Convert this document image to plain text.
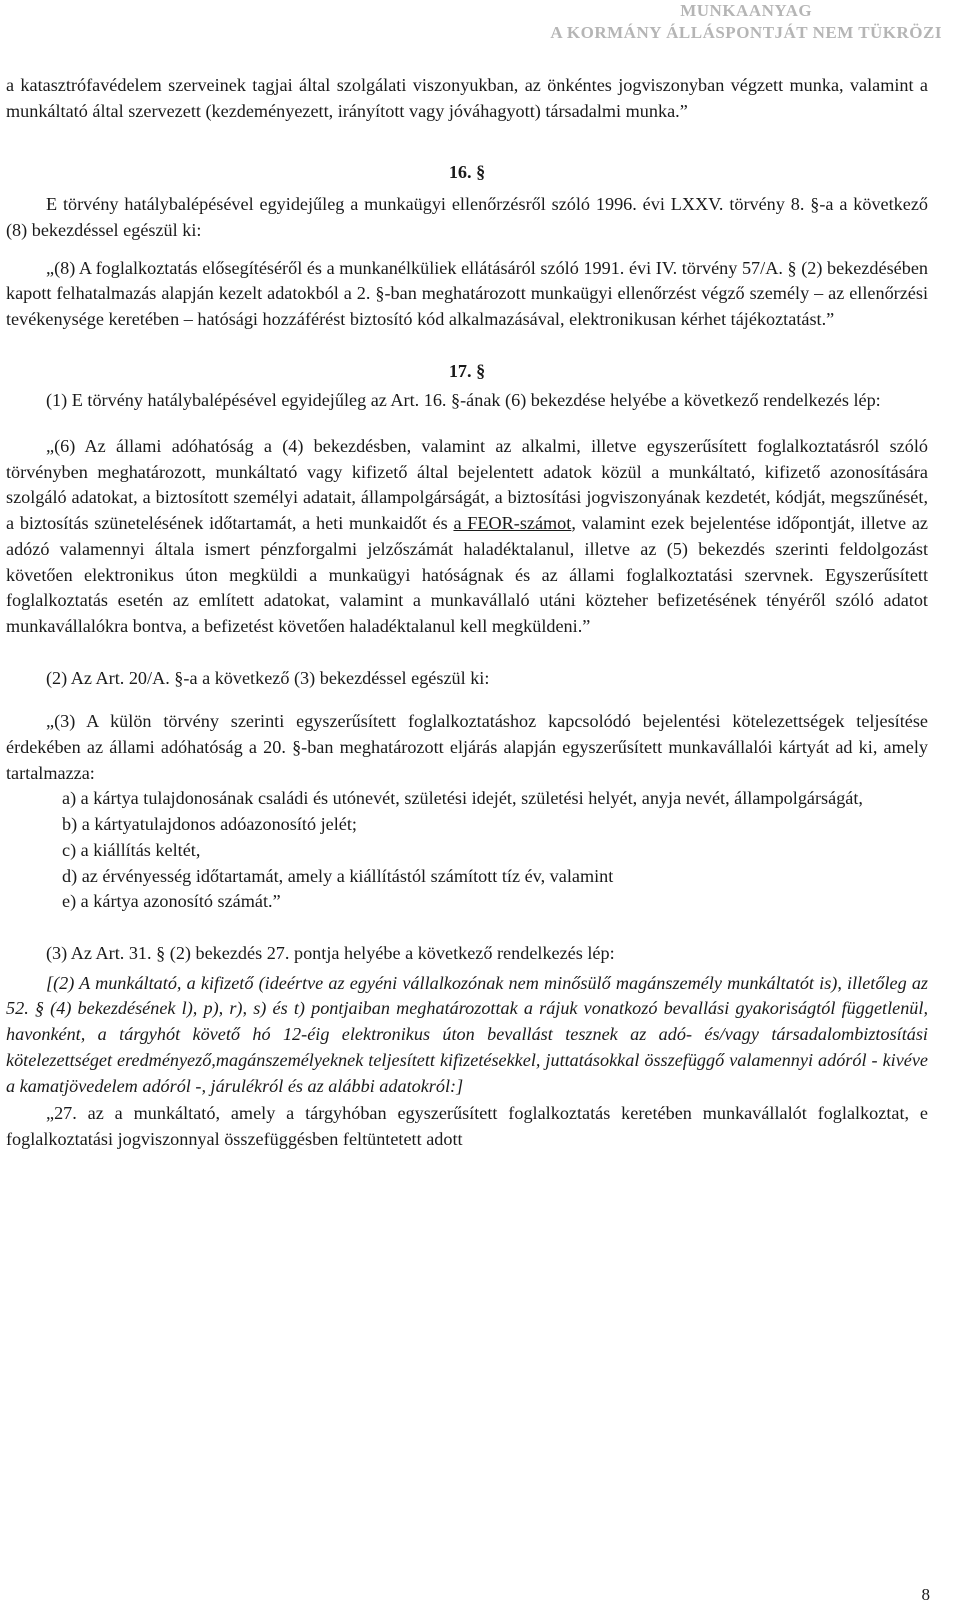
MUNKAANYAG
A KORMÁNY ÁLLÁSPONTJÁT NEM TÜKRÖZI

a katasztrófavédelem szerveinek tagjai által szolgálati viszonyukban, az önkéntes jogviszonyban végzett munka, valamint a munkáltató által szervezett (kezdeményezett, irányított vagy jóváhagyott) társadalmi munka.”

16. §

E törvény hatálybalépésével egyidejűleg a munkaügyi ellenőrzésről szóló 1996. évi LXXV. törvény 8. §-a a következő (8) bekezdéssel egészül ki:

„(8) A foglalkoztatás elősegítéséről és a munkanélküliek ellátásáról szóló 1991. évi IV. törvény 57/A. § (2) bekezdésében kapott felhatalmazás alapján kezelt adatokból a 2. §-ban meghatározott munkaügyi ellenőrzést végző személy – az ellenőrzési tevékenysége keretében – hatósági hozzáférést biztosító kód alkalmazásával, elektronikusan kérhet tájékoztatást.”

17. §

(1) E törvény hatálybalépésével egyidejűleg az Art. 16. §-ának (6) bekezdése helyébe a következő rendelkezés lép:

„(6) Az állami adóhatóság a (4) bekezdésben, valamint az alkalmi, illetve egyszerűsített foglalkoztatásról szóló törvényben meghatározott, munkáltató vagy kifizető által bejelentett adatok közül a munkáltató, kifizető azonosítására szolgáló adatokat, a biztosított személyi adatait, állampolgárságát, a biztosítási jogviszonyának kezdetét, kódját, megszűnését, a biztosítás szünetelésének időtartamát, a heti munkaidőt és a FEOR-számot, valamint ezek bejelentése időpontját, illetve az adózó valamennyi általa ismert pénzforgalmi jelzőszámát haladéktalanul, illetve az (5) bekezdés szerinti feldolgozást követően elektronikus úton megküldi a munkaügyi hatóságnak és az állami foglalkoztatási szervnek. Egyszerűsített foglalkoztatás esetén az említett adatokat, valamint a munkavállaló utáni közteher befizetésének tényéről szóló adatot munkavállalókra bontva, a befizetést követően haladéktalanul kell megküldeni.”

(2) Az Art. 20/A. §-a a következő (3) bekezdéssel egészül ki:

„(3) A külön törvény szerinti egyszerűsített foglalkoztatáshoz kapcsolódó bejelentési kötelezettségek teljesítése érdekében az állami adóhatóság a 20. §-ban meghatározott eljárás alapján egyszerűsített munkavállalói kártyát ad ki, amely tartalmazza:

a) a kártya tulajdonosának családi és utónevét, születési idejét, születési helyét, anyja nevét, állampolgárságát,

b) a kártyatulajdonos adóazonosító jelét;

c) a kiállítás keltét,

d) az érvényesség időtartamát, amely a kiállítástól számított tíz év, valamint

e) a kártya azonosító számát.”

(3) Az Art. 31. § (2) bekezdés 27. pontja helyébe a következő rendelkezés lép:

[(2) A munkáltató, a kifizető (ideértve az egyéni vállalkozónak nem minősülő magánszemély munkáltatót is), illetőleg az 52. § (4) bekezdésének l), p), r), s) és t) pontjaiban meghatározottak a rájuk vonatkozó bevallási gyakoriságtól függetlenül, havonként, a tárgyhót követő hó 12-éig elektronikus úton bevallást tesznek az adó- és/vagy társadalombiztosítási kötelezettséget eredményező,magánszemélyeknek teljesített kifizetésekkel, juttatásokkal összefüggő valamennyi adóról - kivéve a kamatjövedelem adóról -, járulékról és az alábbi adatokról:]

„27. az a munkáltató, amely a tárgyhóban egyszerűsített foglalkoztatás keretében munkavállalót foglalkoztat, e foglalkoztatási jogviszonnyal összefüggésben feltüntetett adott

8
